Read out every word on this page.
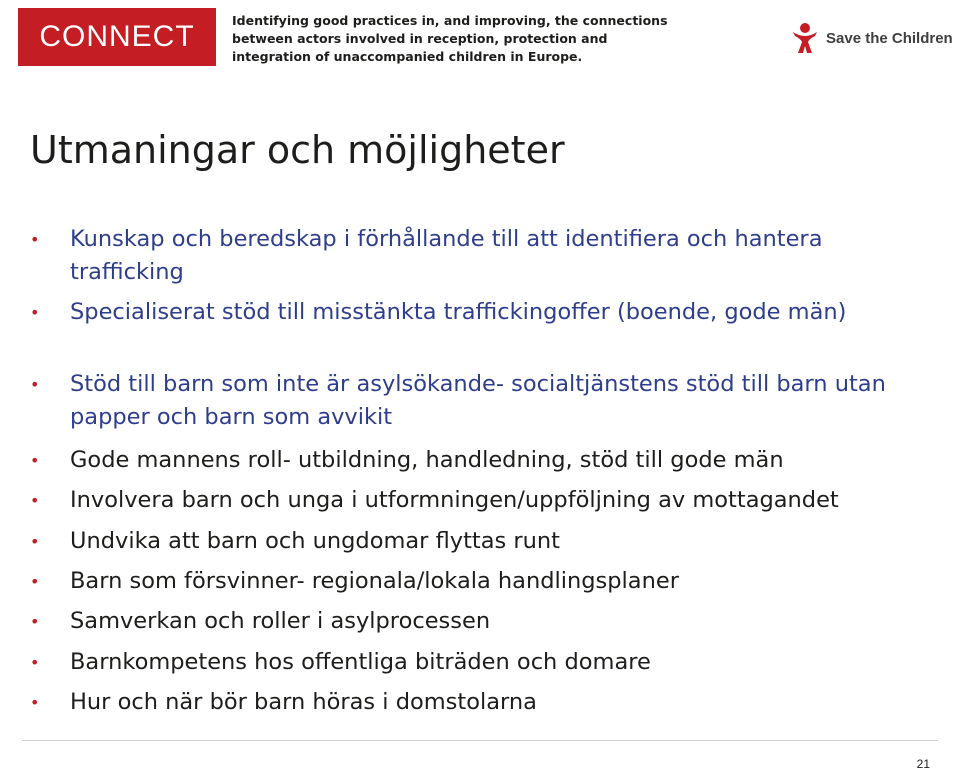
CONNECT	Identifying good practices in, and improving, the connections
between actors involved in reception, protection and
integration of unaccompanied children in Europe.
Save the Children
Utmaningar och möjligheter
•	Kunskap och beredskap i förhållande till att identifiera och hantera trafficking
•	Specialiserat stöd till misstänkta traffickingoffer (boende, gode män)
•	Stöd till barn som inte är asylsökande- socialtjänstens stöd till barn utan papper och barn som avvikit
•	Gode mannens roll- utbildning, handledning, stöd till gode män
•	Involvera barn och unga i utformningen/uppföljning av mottagandet
•	Undvika att barn och ungdomar flyttas runt
•	Barn som försvinner- regionala/lokala handlingsplaner
•	Samverkan och roller i asylprocessen
•	Barnkompetens hos offentliga biträden och domare
•	Hur och när bör barn höras i domstolarna
21
